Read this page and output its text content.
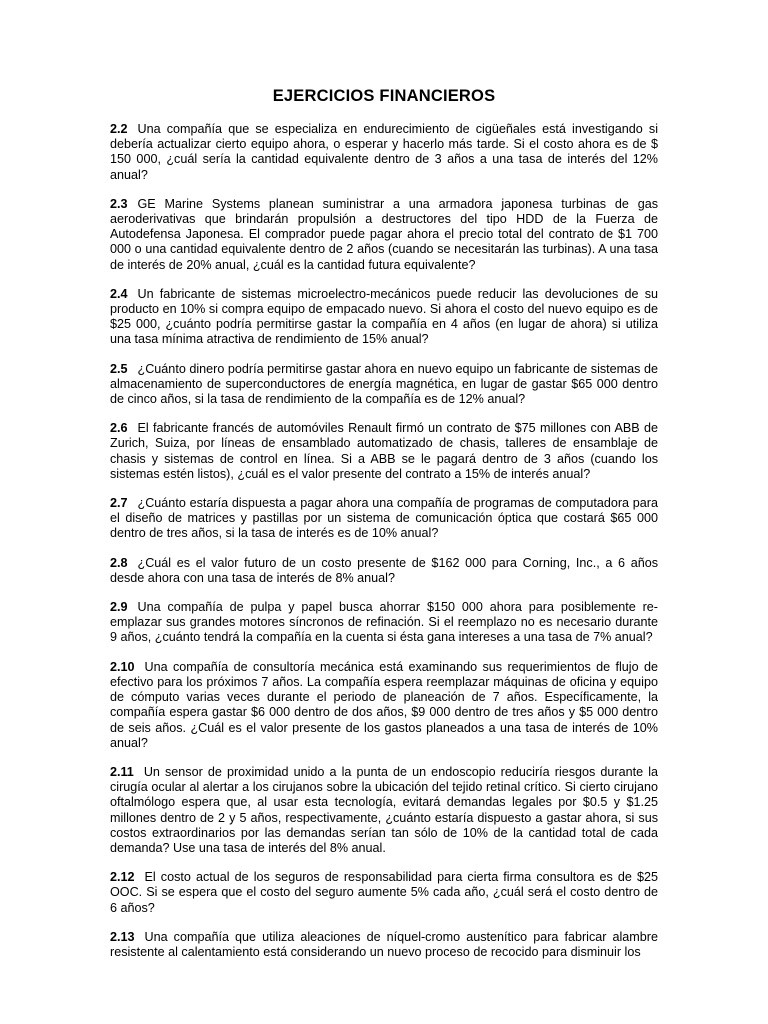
EJERCICIOS FINANCIEROS

2.2 Una compañía que se especializa en endurecimiento de cigüeñales está investigando si debería actualizar cierto equipo ahora, o esperar y hacerlo más tarde. Si el costo ahora es de $ 150 000, ¿cuál sería la cantidad equivalente dentro de 3 años a una tasa de interés del 12% anual?

2.3 GE Marine Systems planean suministrar a una armadora japonesa turbinas de gas aeroderivativas que brindarán propulsión a destructores del tipo HDD de la Fuerza de Autodefensa Japonesa. El comprador puede pagar ahora el precio total del contrato de $1 700 000 o una cantidad equivalente dentro de 2 años (cuando se necesitarán las turbinas). A una tasa de interés de 20% anual, ¿cuál es la cantidad futura equivalente?

2.4 Un fabricante de sistemas microelectro-mecánicos puede reducir las devoluciones de su producto en 10% si compra equipo de empacado nuevo. Si ahora el costo del nuevo equipo es de $25 000, ¿cuánto podría permitirse gastar la compañía en 4 años (en lugar de ahora) si utiliza una tasa mínima atractiva de rendimiento de 15% anual?

2.5 ¿Cuánto dinero podría permitirse gastar ahora en nuevo equipo un fabricante de sistemas de almacenamiento de superconductores de energía magnética, en lugar de gastar $65 000 dentro de cinco años, si la tasa de rendimiento de la compañía es de 12% anual?

2.6 El fabricante francés de automóviles Renault firmó un contrato de $75 millones con ABB de Zurich, Suiza, por líneas de ensamblado automatizado de chasis, talleres de ensamblaje de chasis y sistemas de control en línea. Si a ABB se le pagará dentro de 3 años (cuando los sistemas estén listos), ¿cuál es el valor presente del contrato a 15% de interés anual?

2.7 ¿Cuánto estaría dispuesta a pagar ahora una compañía de programas de computadora para el diseño de matrices y pastillas por un sistema de comunicación óptica que costará $65 000 dentro de tres años, si la tasa de interés es de 10% anual?

2.8 ¿Cuál es el valor futuro de un costo presente de $162 000 para Corning, Inc., a 6 años desde ahora con una tasa de interés de 8% anual?

2.9 Una compañía de pulpa y papel busca ahorrar $150 000 ahora para posiblemente re-emplazar sus grandes motores síncronos de refinación. Si el reemplazo no es necesario durante 9 años, ¿cuánto tendrá la compañía en la cuenta si ésta gana intereses a una tasa de 7% anual?

2.10 Una compañía de consultoría mecánica está examinando sus requerimientos de flujo de efectivo para los próximos 7 años. La compañía espera reemplazar máquinas de oficina y equipo de cómputo varias veces durante el periodo de planeación de 7 años. Específicamente, la compañía espera gastar $6 000 dentro de dos años, $9 000 dentro de tres años y $5 000 dentro de seis años. ¿Cuál es el valor presente de los gastos planeados a una tasa de interés de 10% anual?

2.11 Un sensor de proximidad unido a la punta de un endoscopio reduciría riesgos durante la cirugía ocular al alertar a los cirujanos sobre la ubicación del tejido retinal crítico. Si cierto cirujano oftalmólogo espera que, al usar esta tecnología, evitará demandas legales por $0.5 y $1.25 millones dentro de 2 y 5 años, respectivamente, ¿cuánto estaría dispuesto a gastar ahora, si sus costos extraordinarios por las demandas serían tan sólo de 10% de la cantidad total de cada demanda? Use una tasa de interés del 8% anual.

2.12 El costo actual de los seguros de responsabilidad para cierta firma consultora es de $25 OOC. Si se espera que el costo del seguro aumente 5% cada año, ¿cuál será el costo dentro de 6 años?

2.13 Una compañía que utiliza aleaciones de níquel-cromo austenítico para fabricar alambre resistente al calentamiento está considerando un nuevo proceso de recocido para disminuir los
